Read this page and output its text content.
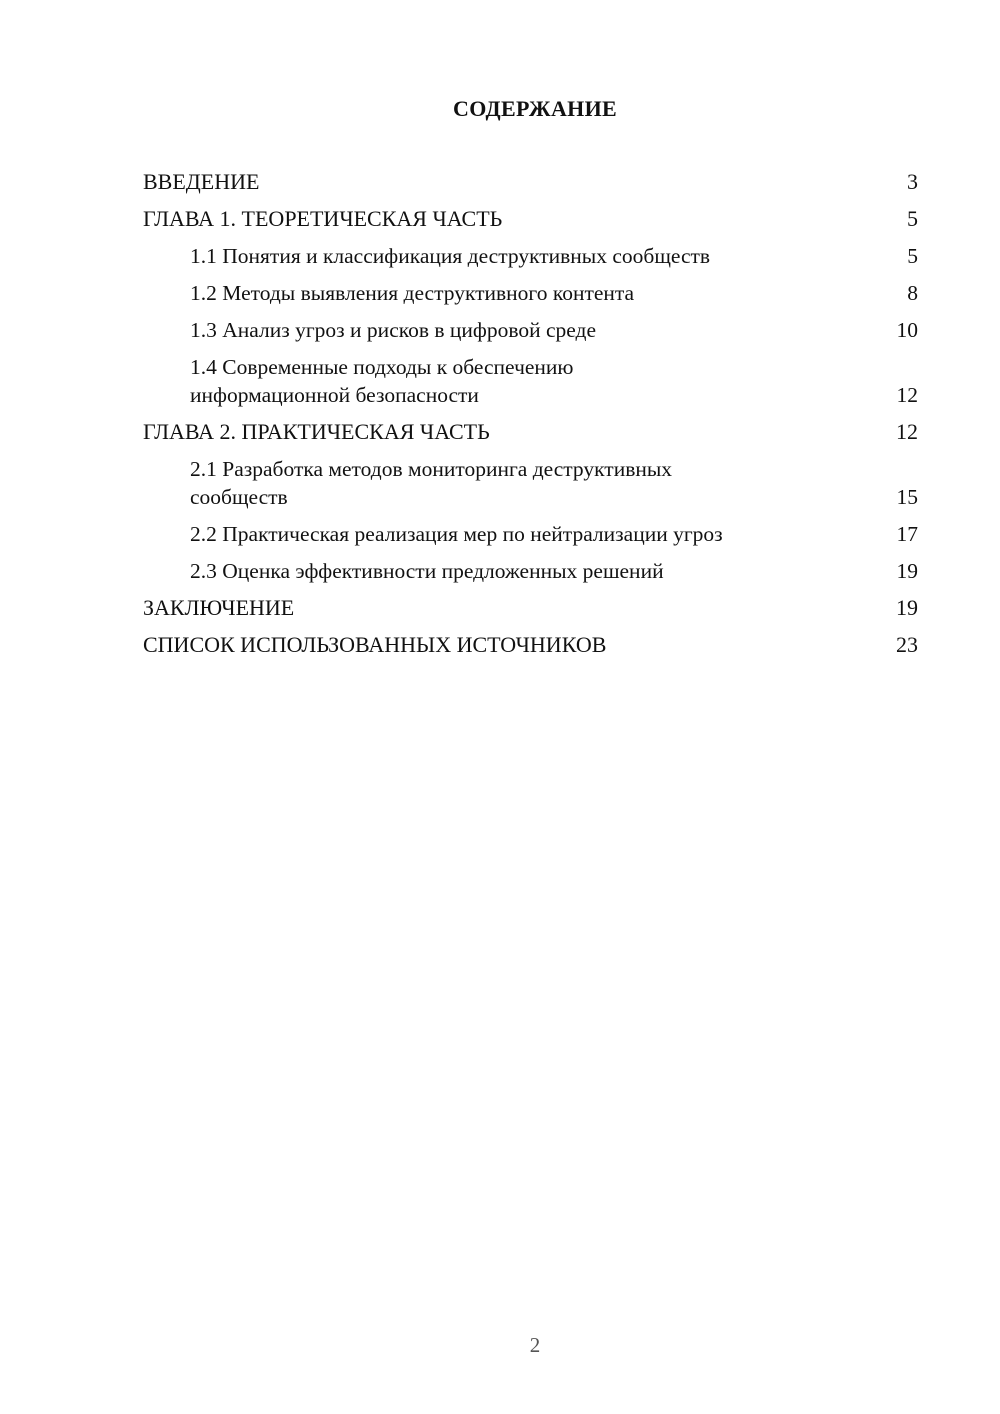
СОДЕРЖАНИЕ
ВВЕДЕНИЕ	3
ГЛАВА 1. ТЕОРЕТИЧЕСКАЯ ЧАСТЬ	5
1.1 Понятия и классификация деструктивных сообществ	5
1.2 Методы выявления деструктивного контента	8
1.3 Анализ угроз и рисков в цифровой среде	10
1.4 Современные подходы к обеспечению
информационной безопасности	12
ГЛАВА 2. ПРАКТИЧЕСКАЯ ЧАСТЬ	12
2.1 Разработка методов мониторинга деструктивных
сообществ	15
2.2 Практическая реализация мер по нейтрализации угроз	17
2.3 Оценка эффективности предложенных решений	19
ЗАКЛЮЧЕНИЕ	19
СПИСОК ИСПОЛЬЗОВАННЫХ ИСТОЧНИКОВ	23
2
